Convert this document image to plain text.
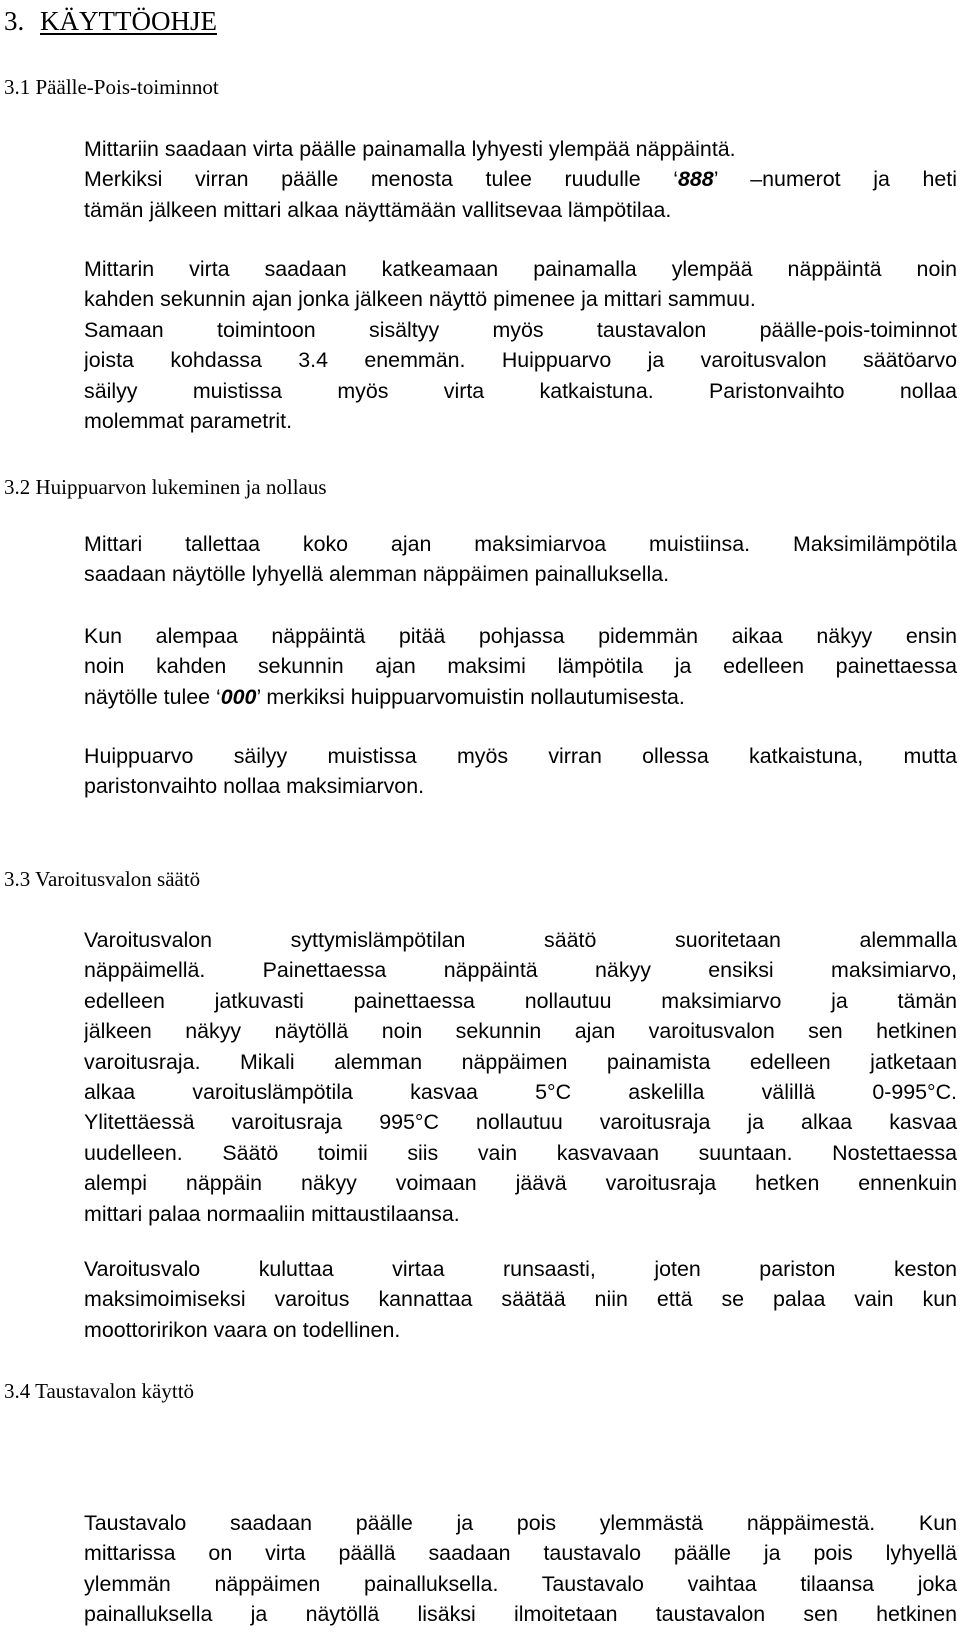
3. KÄYTTÖOHJE
3.1 Päälle-Pois-toiminnot
Mittariin saadaan virta päälle painamalla lyhyesti ylempää näppäintä.
Merkiksi virran päälle menosta tulee ruudulle ‘888’ –numerot ja heti
tämän jälkeen mittari alkaa näyttämään vallitsevaa lämpötilaa.
Mittarin virta saadaan katkeamaan painamalla ylempää näppäintä noin
kahden sekunnin ajan jonka jälkeen näyttö pimenee ja mittari sammuu.
Samaan toimintoon sisältyy myös taustavalon päälle-pois-toiminnot
joista kohdassa 3.4 enemmän. Huippuarvo ja varoitusvalon säätöarvo
säilyy muistissa myös virta katkaistuna. Paristonvaihto nollaa
molemmat parametrit.
3.2 Huippuarvon lukeminen ja nollaus
Mittari tallettaa koko ajan maksimiarvoa muistiinsa. Maksimilämpötila
saadaan näytölle lyhyellä alemman näppäimen painalluksella.
Kun alempaa näppäintä pitää pohjassa pidemmän aikaa näkyy ensin
noin kahden sekunnin ajan maksimi lämpötila ja edelleen painettaessa
näytölle tulee ‘000’ merkiksi huippuarvomuistin nollautumisesta.
Huippuarvo säilyy muistissa myös virran ollessa katkaistuna, mutta
paristonvaihto nollaa maksimiarvon.
3.3 Varoitusvalon säätö
Varoitusvalon syttymislämpötilan säätö suoritetaan alemmalla
näppäimellä. Painettaessa näppäintä näkyy ensiksi maksimiarvo,
edelleen jatkuvasti painettaessa nollautuu maksimiarvo ja tämän
jälkeen näkyy näytöllä noin sekunnin ajan varoitusvalon sen hetkinen
varoitusraja. Mikali alemman näppäimen painamista edelleen jatketaan
alkaa varoituslämpötila kasvaa 5°C askelilla välillä 0-995°C.
Ylitettäessä varoitusraja 995°C nollautuu varoitusraja ja alkaa kasvaa
uudelleen. Säätö toimii siis vain kasvavaan suuntaan. Nostettaessa
alempi näppäin näkyy voimaan jäävä varoitusraja hetken ennenkuin
mittari palaa normaaliin mittaustilaansa.
Varoitusvalo kuluttaa virtaa runsaasti, joten pariston keston
maksimoimiseksi varoitus kannattaa säätää niin että se palaa vain kun
moottoririkon vaara on todellinen.
3.4 Taustavalon käyttö
Taustavalo saadaan päälle ja pois ylemmästä näppäimestä. Kun
mittarissa on virta päällä saadaan taustavalo päälle ja pois lyhyellä
ylemmän näppäimen painalluksella. Taustavalo vaihtaa tilaansa joka
painalluksella ja näytöllä lisäksi ilmoitetaan taustavalon sen hetkinen
